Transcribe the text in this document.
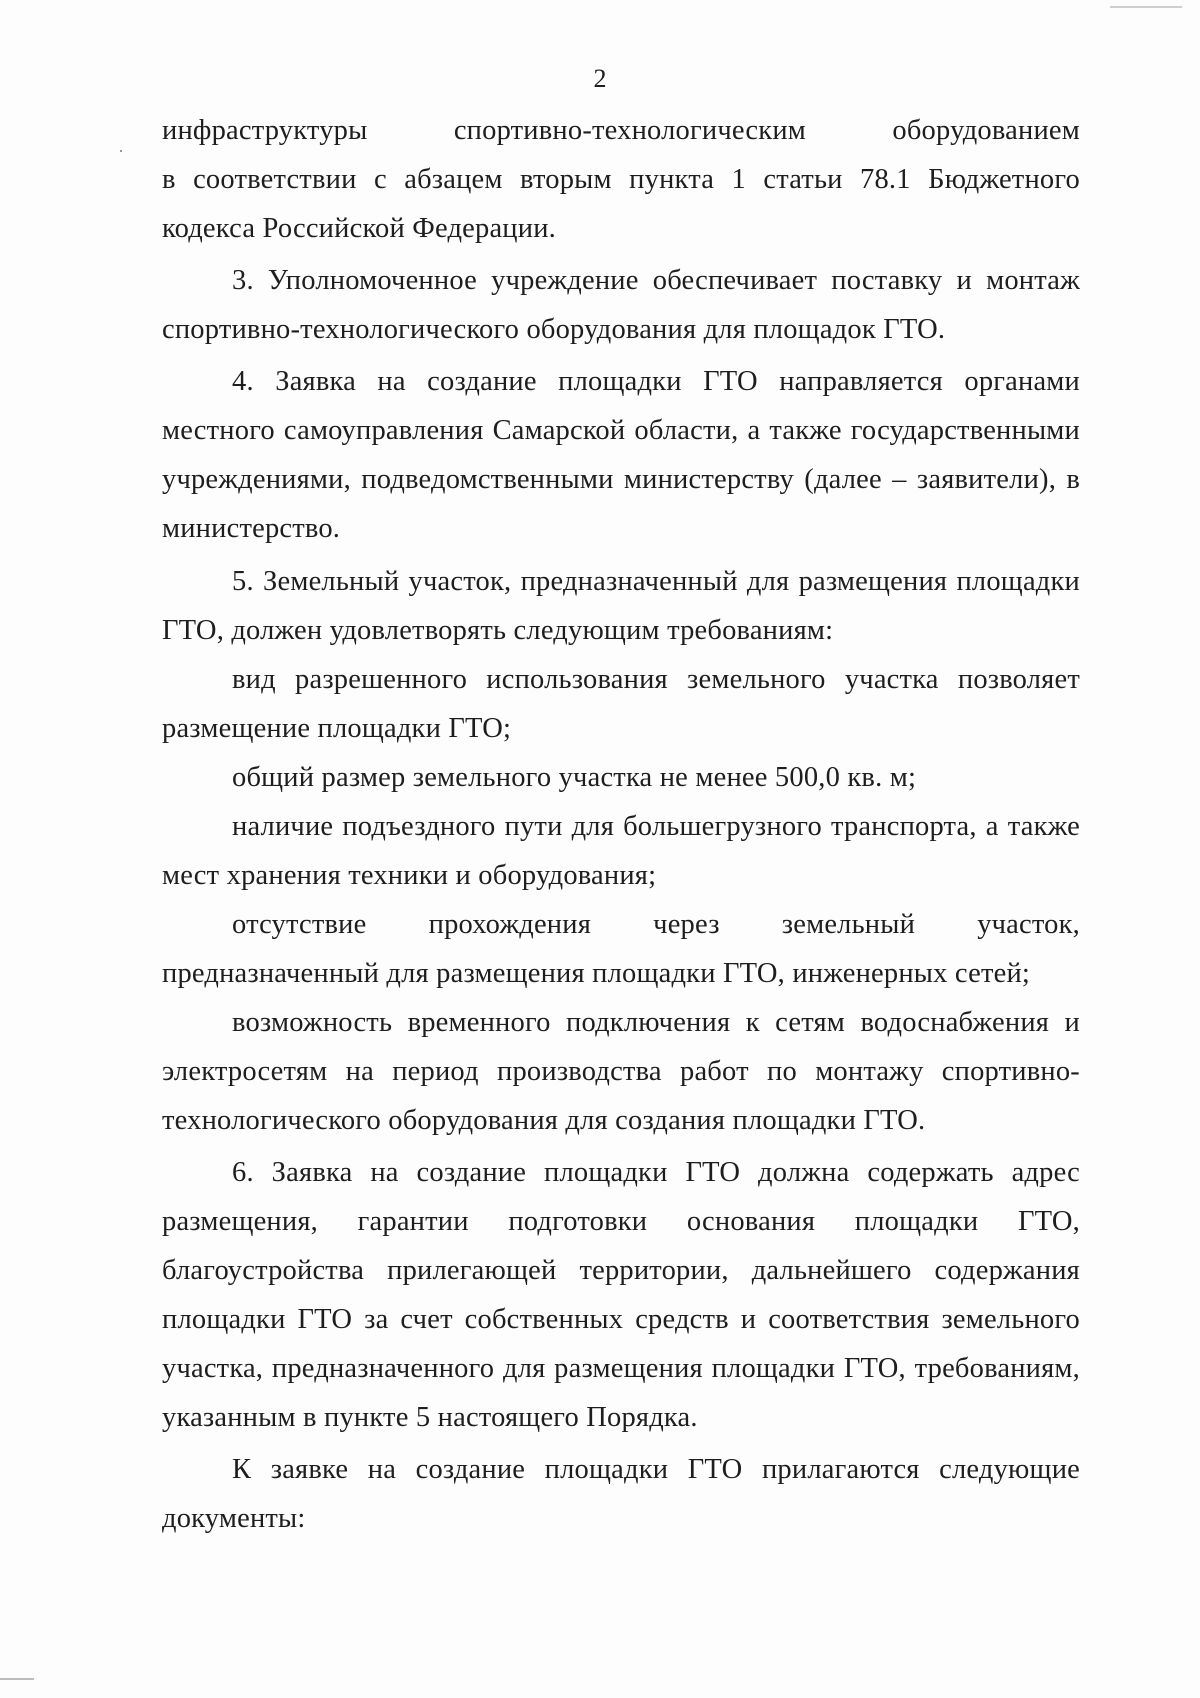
2
инфраструктуры	спортивно-технологическим	оборудованием

в соответствии с абзацем вторым пункта 1 статьи 78.1 Бюджетного кодекса Российской Федерации.

3. Уполномоченное учреждение обеспечивает поставку и монтаж спортивно-технологического оборудования для площадок ГТО.

4. Заявка на создание площадки ГТО направляется органами местного самоуправления Самарской области, а также государственными учреждениями, подведомственными министерству (далее – заявители), в министерство.

5. Земельный участок, предназначенный для размещения площадки ГТО, должен удовлетворять следующим требованиям:

вид разрешенного использования земельного участка позволяет размещение площадки ГТО;

общий размер земельного участка не менее 500,0 кв. м;

наличие подъездного пути для большегрузного транспорта, а также мест хранения техники и оборудования;

отсутствие прохождения через земельный участок, предназначенный для размещения площадки ГТО, инженерных сетей;

возможность временного подключения к сетям водоснабжения и электросетям на период производства работ по монтажу спортивно-технологического оборудования для создания площадки ГТО.

6. Заявка на создание площадки ГТО должна содержать адрес размещения, гарантии подготовки основания площадки ГТО, благоустройства прилегающей территории, дальнейшего содержания площадки ГТО за счет собственных средств и соответствия земельного участка, предназначенного для размещения площадки ГТО, требованиям, указанным в пункте 5 настоящего Порядка.

К заявке на создание площадки ГТО прилагаются следующие документы:
